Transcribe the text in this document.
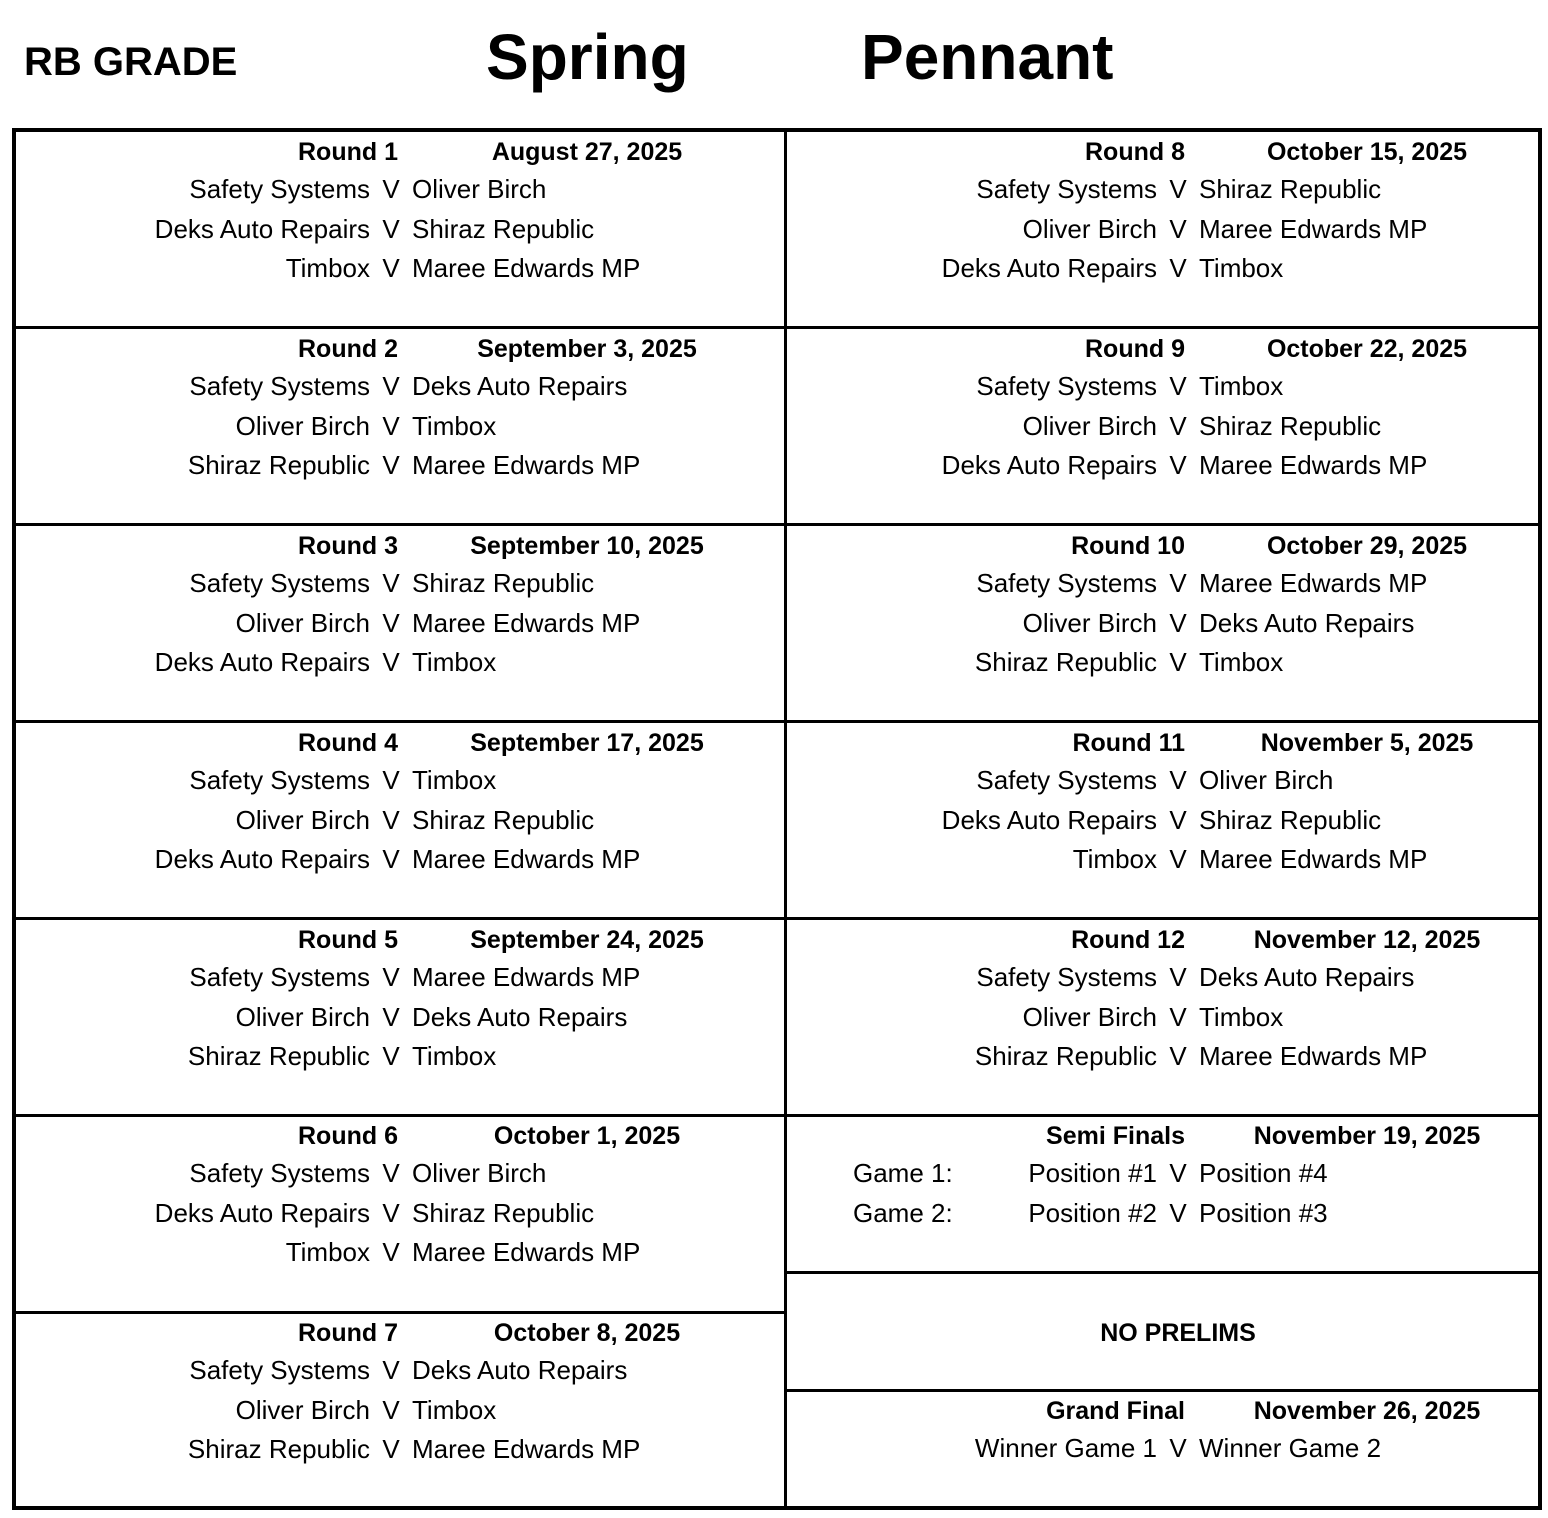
RB GRADE	Spring	Pennant
Round 1	August 27, 2025
Safety Systems V Oliver Birch
Deks Auto Repairs V Shiraz Republic
Timbox V Maree Edwards MP
Round 2	September 3, 2025
Safety Systems V Deks Auto Repairs
Oliver Birch V Timbox
Shiraz Republic V Maree Edwards MP
Round 3	September 10, 2025
Safety Systems V Shiraz Republic
Oliver Birch V Maree Edwards MP
Deks Auto Repairs V Timbox
Round 4	September 17, 2025
Safety Systems V Timbox
Oliver Birch V Shiraz Republic
Deks Auto Repairs V Maree Edwards MP
Round 5	September 24, 2025
Safety Systems V Maree Edwards MP
Oliver Birch V Deks Auto Repairs
Shiraz Republic V Timbox
Round 6	October 1, 2025
Safety Systems V Oliver Birch
Deks Auto Repairs V Shiraz Republic
Timbox V Maree Edwards MP
Round 7	October 8, 2025
Safety Systems V Deks Auto Repairs
Oliver Birch V Timbox
Shiraz Republic V Maree Edwards MP
Round 8	October 15, 2025
Safety Systems V Shiraz Republic
Oliver Birch V Maree Edwards MP
Deks Auto Repairs V Timbox
Round 9	October 22, 2025
Safety Systems V Timbox
Oliver Birch V Shiraz Republic
Deks Auto Repairs V Maree Edwards MP
Round 10	October 29, 2025
Safety Systems V Maree Edwards MP
Oliver Birch V Deks Auto Repairs
Shiraz Republic V Timbox
Round 11	November 5, 2025
Safety Systems V Oliver Birch
Deks Auto Repairs V Shiraz Republic
Timbox V Maree Edwards MP
Round 12	November 12, 2025
Safety Systems V Deks Auto Repairs
Oliver Birch V Timbox
Shiraz Republic V Maree Edwards MP
Semi Finals	November 19, 2025
Game 1:	Position #1 V Position #4
Game 2:	Position #2 V Position #3
NO PRELIMS
Grand Final	November 26, 2025
Winner Game 1 V Winner Game 2
